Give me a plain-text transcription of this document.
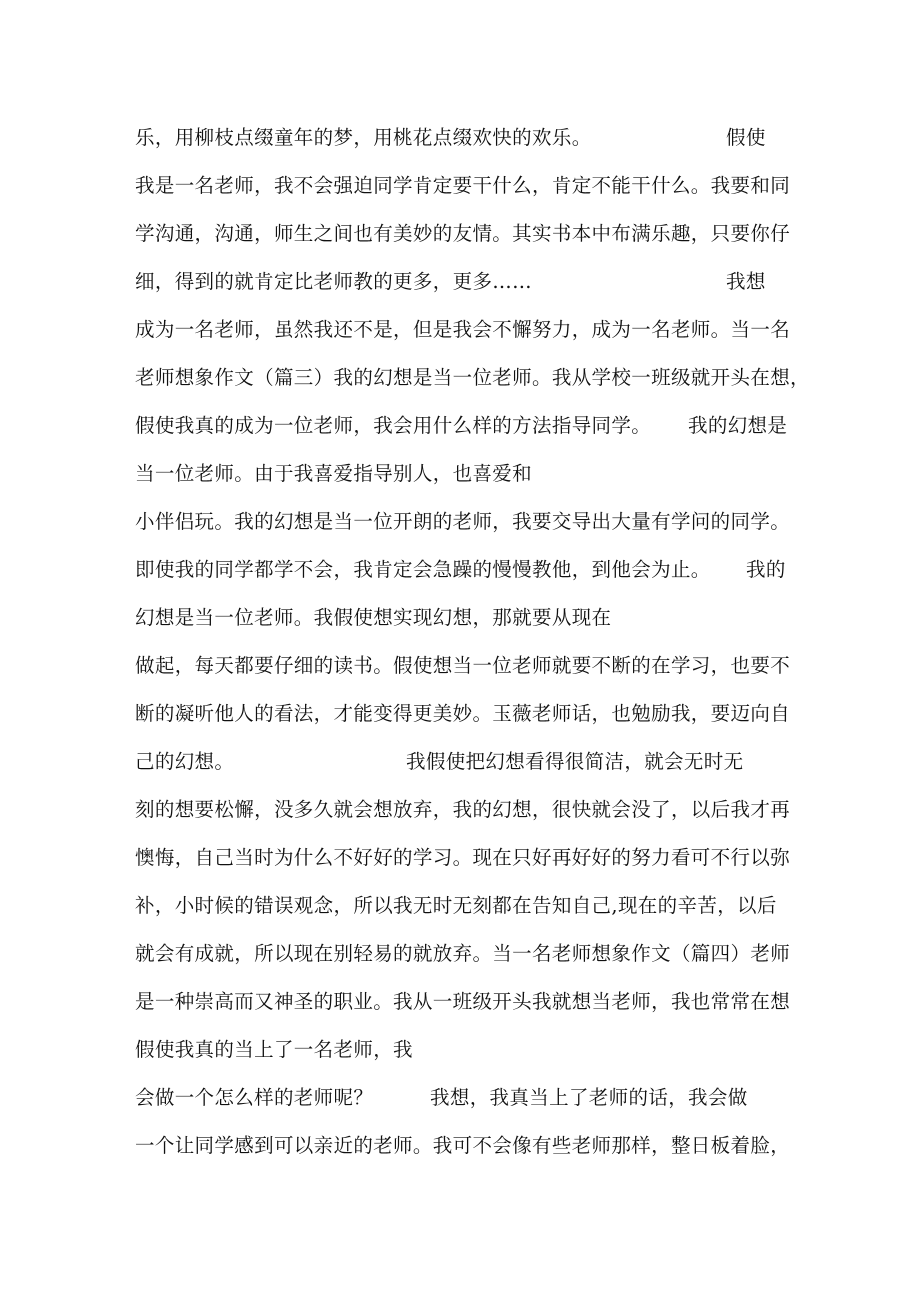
乐，用柳枝点缀童年的梦，用桃花点缀欢快的欢乐。	假使
我是一名老师，我不会强迫同学肯定要干什么，肯定不能干什么。我要和同
学沟通，沟通，师生之间也有美妙的友情。其实书本中布满乐趣，只要你仔
细，得到的就肯定比老师教的更多，更多……	我想
成为一名老师，虽然我还不是，但是我会不懈努力，成为一名老师。当一名
老师想象作文（篇三）我的幻想是当一位老师。我从学校一班级就开头在想，
假使我真的成为一位老师，我会用什么样的方法指导同学。 我的幻想是
当一位老师。由于我喜爱指导别人，也喜爱和
小伴侣玩。我的幻想是当一位开朗的老师，我要交导出大量有学问的同学。
即使我的同学都学不会，我肯定会急躁的慢慢教他，到他会为止。 我的
幻想是当一位老师。我假使想实现幻想，那就要从现在
做起，每天都要仔细的读书。假使想当一位老师就要不断的在学习，也要不
断的凝听他人的看法，才能变得更美妙。玉薇老师话，也勉励我，要迈向自
己的幻想。	我假使把幻想看得很简洁，就会无时无
刻的想要松懈，没多久就会想放弃，我的幻想，很快就会没了，以后我才再
懊悔，自己当时为什么不好好的学习。现在只好再好好的努力看可不行以弥
补，小时候的错误观念，所以我无时无刻都在告知自己,现在的辛苦，以后
就会有成就，所以现在别轻易的就放弃。当一名老师想象作文（篇四）老师
是一种崇高而又神圣的职业。我从一班级开头我就想当老师，我也常常在想
假使我真的当上了一名老师，我
会做一个怎么样的老师呢？	我想，我真当上了老师的话，我会做
一个让同学感到可以亲近的老师。我可不会像有些老师那样，整日板着脸，
